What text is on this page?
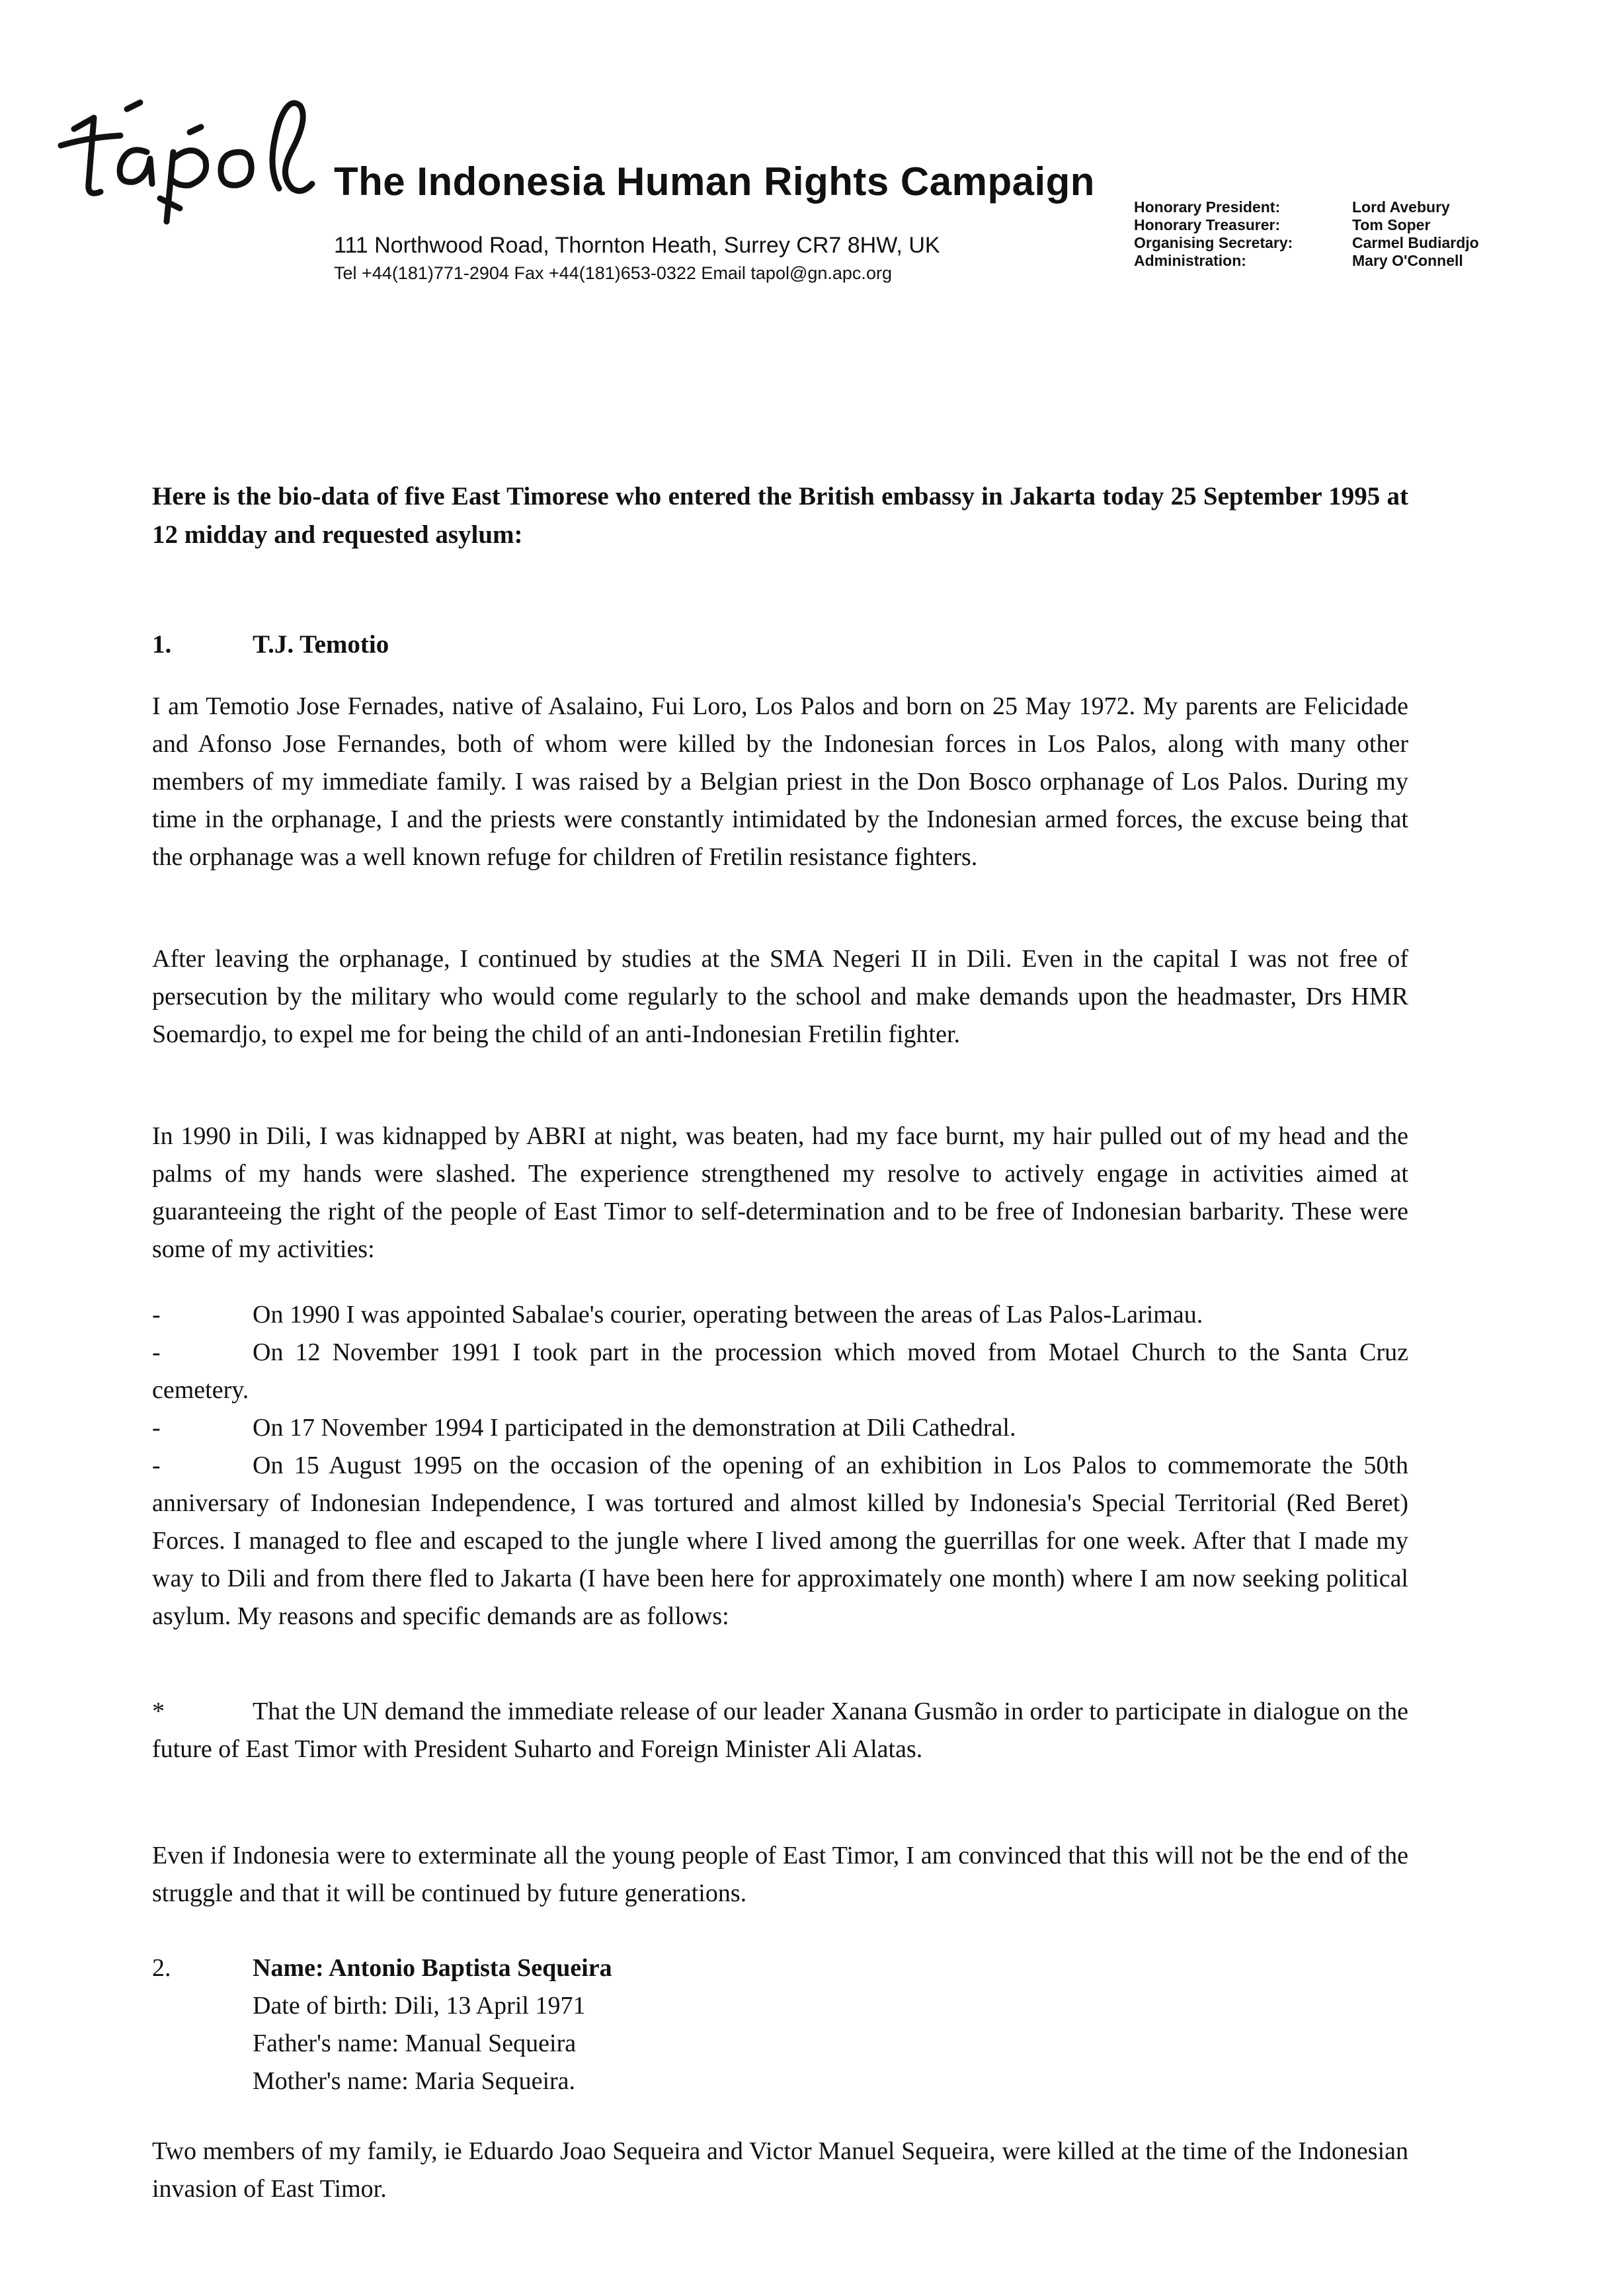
The Indonesia Human Rights Campaign
111 Northwood Road, Thornton Heath, Surrey CR7 8HW, UK
Tel +44(181)771-2904 Fax +44(181)653-0322 Email tapol@gn.apc.org
Honorary President:	Lord Avebury
Honorary Treasurer:	Tom Soper
Organising Secretary:	Carmel Budiardjo
Administration:	Mary O'Connell
Here is the bio-data of five East Timorese who entered the British embassy in Jakarta today 25 September 1995 at 12 midday and requested asylum:
1.	T.J. Temotio
I am Temotio Jose Fernades, native of Asalaino, Fui Loro, Los Palos and born on 25 May 1972. My parents are Felicidade and Afonso Jose Fernandes, both of whom were killed by the Indonesian forces in Los Palos, along with many other members of my immediate family. I was raised by a Belgian priest in the Don Bosco orphanage of Los Palos. During my time in the orphanage, I and the priests were constantly intimidated by the Indonesian armed forces, the excuse being that the orphanage was a well known refuge for children of Fretilin resistance fighters.
After leaving the orphanage, I continued by studies at the SMA Negeri II in Dili. Even in the capital I was not free of persecution by the military who would come regularly to the school and make demands upon the headmaster, Drs HMR Soemardjo, to expel me for being the child of an anti-Indonesian Fretilin fighter.
In 1990 in Dili, I was kidnapped by ABRI at night, was beaten, had my face burnt, my hair pulled out of my head and the palms of my hands were slashed. The experience strengthened my resolve to actively engage in activities aimed at guaranteeing the right of the people of East Timor to self-determination and to be free of Indonesian barbarity. These were some of my activities:

-	On 1990 I was appointed Sabalae's courier, operating between the areas of Las Palos-Larimau.

-	On 12 November 1991 I took part in the procession which moved from Motael Church to the Santa Cruz cemetery.

-	On 17 November 1994 I participated in the demonstration at Dili Cathedral.

-	On 15 August 1995 on the occasion of the opening of an exhibition in Los Palos to commemorate the 50th anniversary of Indonesian Independence, I was tortured and almost killed by Indonesia's Special Territorial (Red Beret) Forces. I managed to flee and escaped to the jungle where I lived among the guerrillas for one week. After that I made my way to Dili and from there fled to Jakarta (I have been here for approximately one month) where I am now seeking political asylum. My reasons and specific demands are as follows:

*	That the UN demand the immediate release of our leader Xanana Gusmão in order to participate in dialogue on the future of East Timor with President Suharto and Foreign Minister Ali Alatas.

Even if Indonesia were to exterminate all the young people of East Timor, I am convinced that this will not be the end of the struggle and that it will be continued by future generations.
2.	Name: Antonio Baptista Sequeira
Date of birth: Dili, 13 April 1971
Father's name: Manual Sequeira
Mother's name: Maria Sequeira.
Two members of my family, ie Eduardo Joao Sequeira and Victor Manuel Sequeira, were killed at the time of the Indonesian invasion of East Timor.
